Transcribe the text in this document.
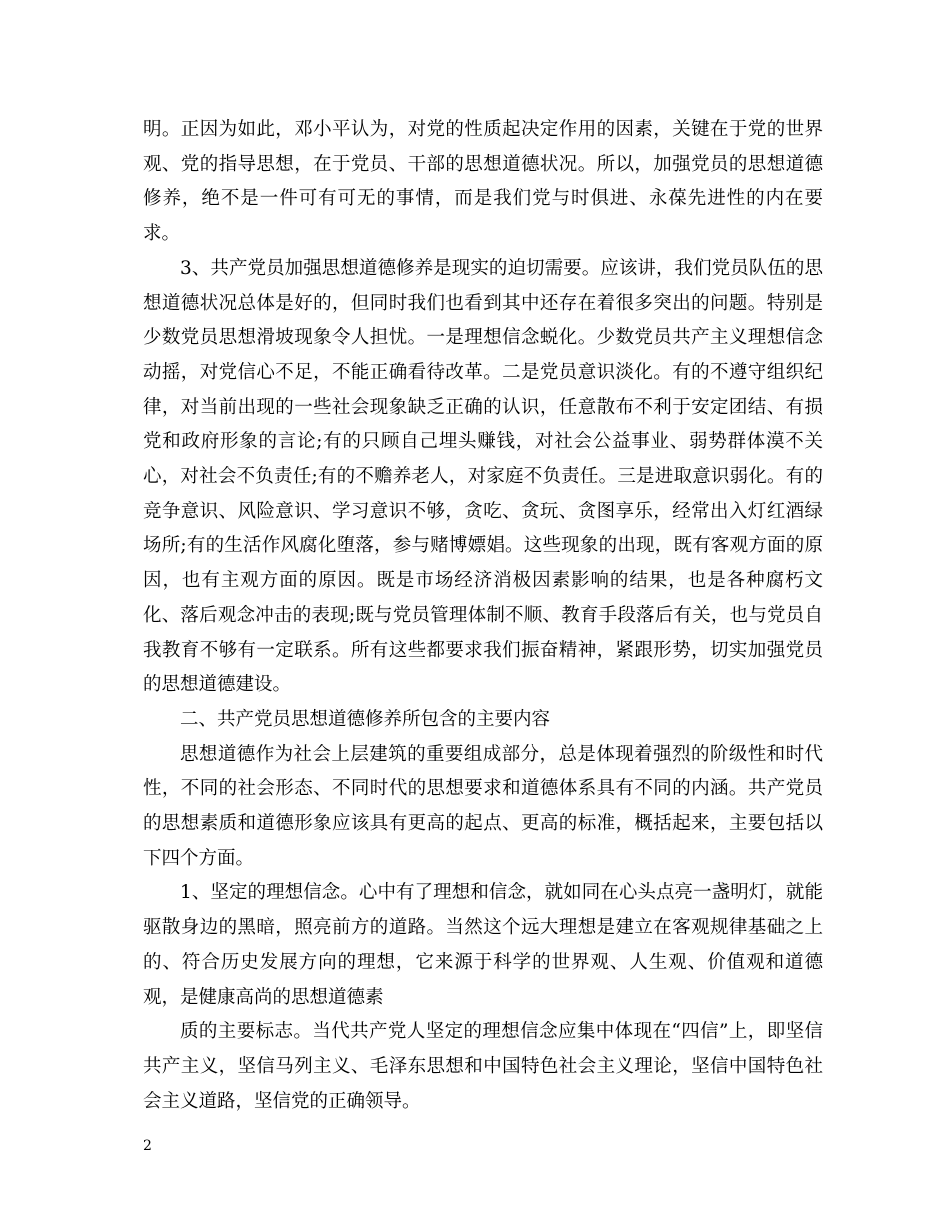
明。正因为如此，邓小平认为，对党的性质起决定作用的因素，关键在于党的世界观、党的指导思想，在于党员、干部的思想道德状况。所以，加强党员的思想道德修养，绝不是一件可有可无的事情，而是我们党与时俱进、永葆先进性的内在要求。

3、共产党员加强思想道德修养是现实的迫切需要。应该讲，我们党员队伍的思想道德状况总体是好的，但同时我们也看到其中还存在着很多突出的问题。特别是少数党员思想滑坡现象令人担忧。一是理想信念蜕化。少数党员共产主义理想信念动摇，对党信心不足，不能正确看待改革。二是党员意识淡化。有的不遵守组织纪律，对当前出现的一些社会现象缺乏正确的认识，任意散布不利于安定团结、有损党和政府形象的言论;有的只顾自己埋头赚钱，对社会公益事业、弱势群体漠不关心，对社会不负责任;有的不赡养老人，对家庭不负责任。三是进取意识弱化。有的竞争意识、风险意识、学习意识不够，贪吃、贪玩、贪图享乐，经常出入灯红酒绿场所;有的生活作风腐化堕落，参与赌博嫖娼。这些现象的出现，既有客观方面的原因，也有主观方面的原因。既是市场经济消极因素影响的结果，也是各种腐朽文化、落后观念冲击的表现;既与党员管理体制不顺、教育手段落后有关，也与党员自我教育不够有一定联系。所有这些都要求我们振奋精神，紧跟形势，切实加强党员的思想道德建设。

二、共产党员思想道德修养所包含的主要内容

思想道德作为社会上层建筑的重要组成部分，总是体现着强烈的阶级性和时代性，不同的社会形态、不同时代的思想要求和道德体系具有不同的内涵。共产党员的思想素质和道德形象应该具有更高的起点、更高的标准，概括起来，主要包括以下四个方面。

1、坚定的理想信念。心中有了理想和信念，就如同在心头点亮一盏明灯，就能驱散身边的黑暗，照亮前方的道路。当然这个远大理想是建立在客观规律基础之上的、符合历史发展方向的理想，它来源于科学的世界观、人生观、价值观和道德观，是健康高尚的思想道德素

质的主要标志。当代共产党人坚定的理想信念应集中体现在“四信”上，即坚信共产主义，坚信马列主义、毛泽东思想和中国特色社会主义理论，坚信中国特色社会主义道路，坚信党的正确领导。

2
